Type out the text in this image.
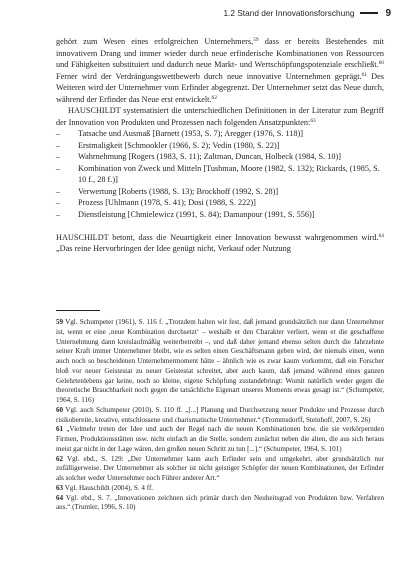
1.2 Stand der Innovationsforschung	9

gehört zum Wesen eines erfolgreichen Unternehmers,$^{59}$ dass er bereits Bestehendes mit innovativem Drang und immer wieder durch neue erfinderische Kombinationen von Ressourcen und Fähigkeiten substituiert und dadurch neue Markt- und Wertschöpfungspotenziale erschließt.$^{60}$ Ferner wird der Verdrängungswettbewerb durch neue innovative Unternehmen geprägt.$^{61}$ Des Weiteren wird der Unternehmer vom Erfinder abgegrenzt. Der Unternehmer setzt das Neue durch, während der Erfinder das Neue erst entwickelt.$^{62}$

HAUSCHILDT systematisiert die unterschiedlichen Definitionen in der Literatur zum Begriff der Innovation von Produkten und Prozessen nach folgenden Ansatzpunkten:$^{63}$

– Tatsache und Ausmaß [Barnett (1953, S. 7); Aregger (1976, S. 118)]
– Erstmaligkeit [Schmookler (1966, S. 2); Vedin (1980, S. 22)]
– Wahrnehmung [Rogers (1983, S. 11); Zaltman, Duncan, Holbeck (1984, S. 10)]
– Kombination von Zweck und Mitteln [Tushman, Moore (1982, S. 132); Rickards, (1985, S. 10 f., 28 f.)]
– Verwertung [Roberts (1988, S. 13); Brockhoff (1992, S. 28)]
– Prozess [Uhlmann (1978, S. 41); Dosi (1988, S. 222)]
– Dienstleistung [Chmielewicz (1991, S. 84); Damanpour (1991, S. 556)]

HAUSCHILDT betont, dass die Neuartigkeit einer Innovation bewusst wahrgenommen wird.$^{64}$ „Das reine Hervorbringen der Idee genügt nicht, Verkauf oder Nutzung

59 Vgl. Schumpeter (1961), S. 116 f. „Trotzdem halten wir fest, daß jemand grundsätzlich nur dann Unternehmer ist, wenn er eine ‚neue Kombination durchsetzt‘ – weshalb er den Charakter verliert, wenn er die geschaffene Unternehmung dann kreislaufmäßig weiterbetreibt –, und daß daher jemand ebenso selten durch die Jahrzehnte seiner Kraft immer Unternehmer bleibt, wie es selten einen Geschäftsmann geben wird, der niemals einen, wenn auch noch so bescheidenen Unternehmermoment hätte – ähnlich wie es zwar kaum vorkommt, daß ein Forscher bloß vor neuer Geistestat zu neuer Geistestat schreitet, aber auch kaum, daß jemand während eines ganzen Gelehrtenlebens gar keine, noch so kleine, eigene Schöpfung zustandebringt: Womit natürlich weder gegen die theoretische Brauchbarkeit noch gegen die tatsächliche Eigenart unseres Moments etwas gesagt ist.“ (Schumpeter, 1964, S. 116)

60 Vgl. auch Schumpeter (2010), S. 110 ff. „[...] Planung und Durchsetzung neuer Produkte und Prozesse durch risikobereite, kreative, entschlossene und charismatische Unternehmer.“ (Trommsdorff, Steinhoff, 2007, S. 26)

61 „Vielmehr treten der Idee und auch der Regel nach die neuen Kombinationen bzw. die sie verkörpernden Firmen, Produktionsstätten usw. nicht einfach an die Stelle, sondern zunächst neben die alten, die aus sich heraus meist gar nicht in der Lage wären, den großen neuen Schritt zu tun [...].“ (Schumpeter, 1964, S. 101)

62 Vgl. ebd., S. 129: „Der Unternehmer kann auch Erfinder sein und umgekehrt, aber grundsätzlich nur zufälligerweise. Der Unternehmer als solcher ist nicht geistiger Schöpfer der neuen Kombinationen, der Erfinder als solcher weder Unternehmer noch Führer anderer Art.“

63 Vgl. Hauschildt (2004), S. 4 ff.

64 Vgl. ebd., S. 7. „Innovationen zeichnen sich primär durch den Neuheitsgrad von Produkten bzw. Verfahren aus.“ (Trumler, 1996, S. 10)
